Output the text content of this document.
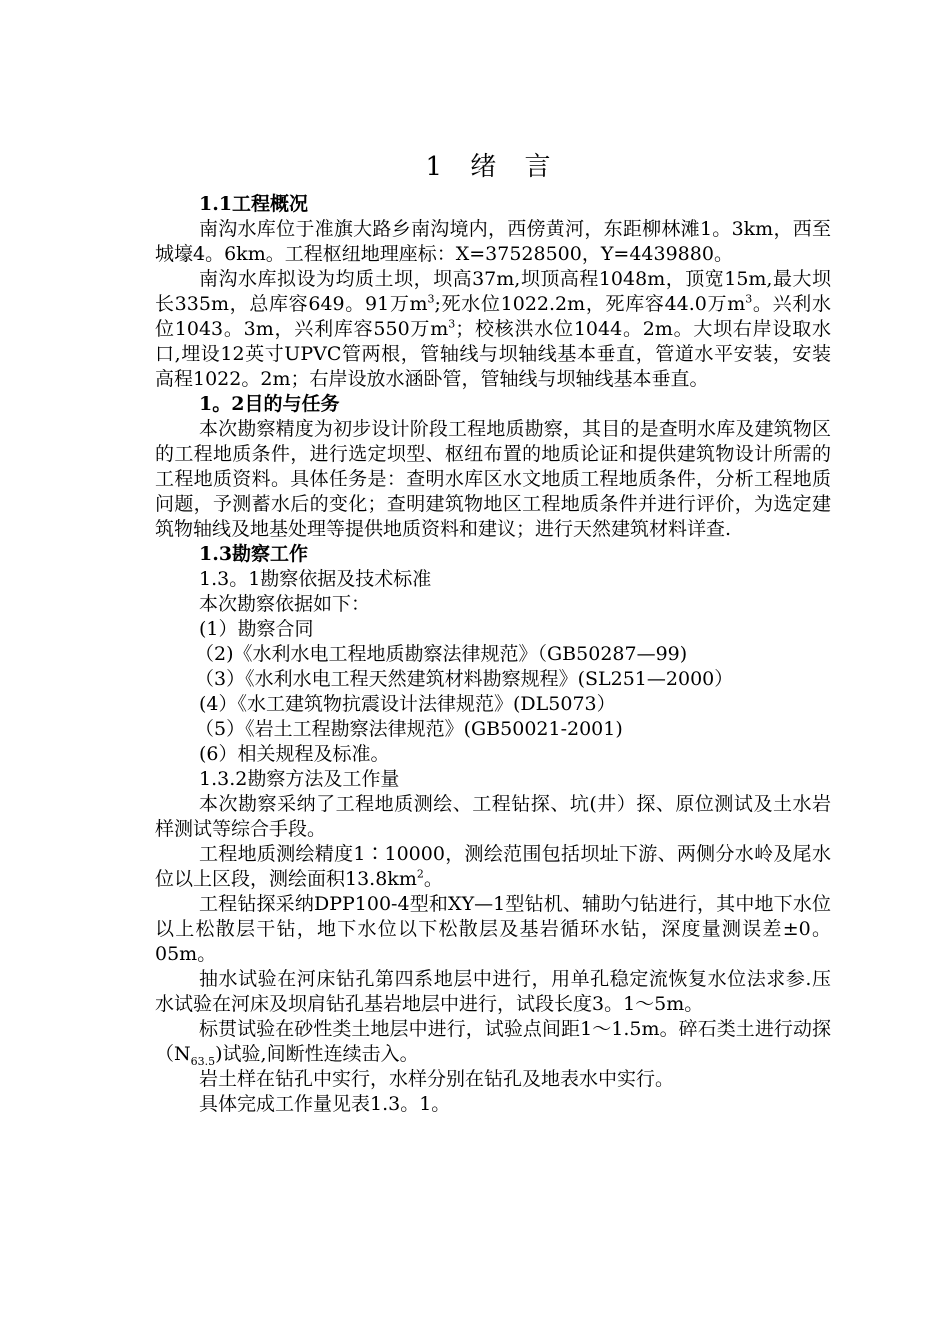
1 绪 言

1.1工程概况

南沟水库位于准旗大路乡南沟境内，西傍黄河，东距柳林滩1。3km，西至城壕4。6km。工程枢纽地理座标：X=37528500，Y=4439880。

南沟水库拟设为均质土坝，坝高37m,坝顶高程1048m，顶宽15m,最大坝长335m，总库容649。91万$m^3$;死水位1022.2m，死库容44.0万$m^3$。兴利水位1043。3m，兴利库容550万$m^3$；校核洪水位1044。2m。大坝右岸设取水口,埋设12英寸UPVC管两根，管轴线与坝轴线基本垂直，管道水平安装，安装高程1022。2m；右岸设放水涵卧管，管轴线与坝轴线基本垂直。

1。2目的与任务

本次勘察精度为初步设计阶段工程地质勘察，其目的是查明水库及建筑物区的工程地质条件，进行选定坝型、枢纽布置的地质论证和提供建筑物设计所需的工程地质资料。具体任务是：查明水库区水文地质工程地质条件，分析工程地质问题，予测蓄水后的变化；查明建筑物地区工程地质条件并进行评价，为选定建筑物轴线及地基处理等提供地质资料和建议；进行天然建筑材料详查.

1.3勘察工作

1.3。1勘察依据及技术标准

本次勘察依据如下：

(1）勘察合同

（2)《水利水电工程地质勘察法律规范》（GB50287—99)

（3）《水利水电工程天然建筑材料勘察规程》(SL251—2000）

(4）《水工建筑物抗震设计法律规范》(DL5073）

（5）《岩土工程勘察法律规范》(GB50021-2001)

(6）相关规程及标准。

1.3.2勘察方法及工作量

本次勘察采纳了工程地质测绘、工程钻探、坑(井）探、原位测试及土水岩样测试等综合手段。

工程地质测绘精度1∶10000，测绘范围包括坝址下游、两侧分水岭及尾水位以上区段，测绘面积$13.8km^2$。

工程钻探采纳DPP100-4型和XY—1型钻机、辅助勺钻进行，其中地下水位以上松散层干钻，地下水位以下松散层及基岩循环水钻，深度量测误差±0。05m。

抽水试验在河床钻孔第四系地层中进行，用单孔稳定流恢复水位法求参.压水试验在河床及坝肩钻孔基岩地层中进行，试段长度3。1～5m。

标贯试验在砂性类土地层中进行，试验点间距1～1.5m。碎石类土进行动探$(N_{63.5})$试验,间断性连续击入。

岩土样在钻孔中实行，水样分别在钻孔及地表水中实行。

具体完成工作量见表1.3。1。
